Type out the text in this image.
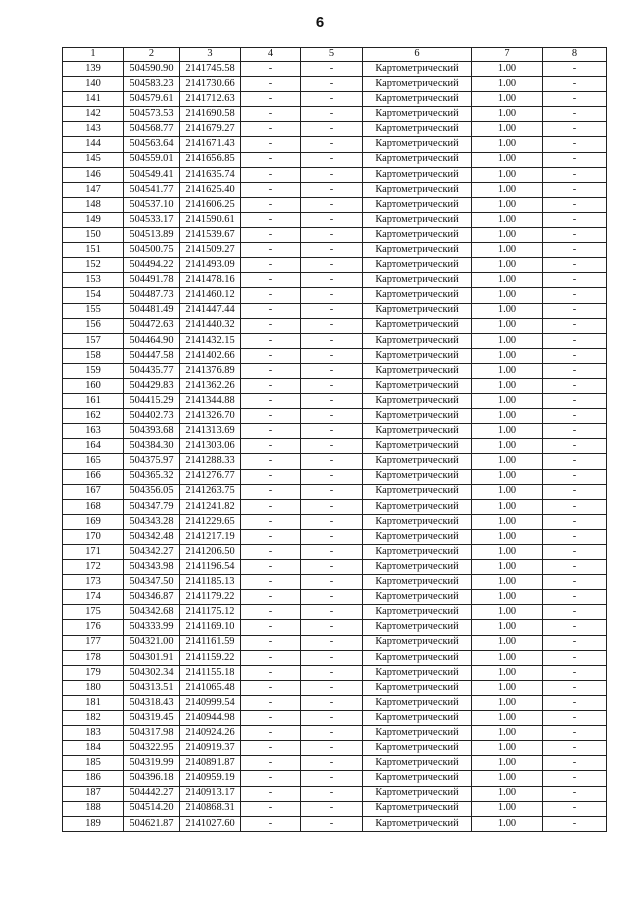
6
1	2	3	4	5	6	7	8
139	504590.90	2141745.58	-	-	Картометрический	1.00	-
140	504583.23	2141730.66	-	-	Картометрический	1.00	-
141	504579.61	2141712.63	-	-	Картометрический	1.00	-
142	504573.53	2141690.58	-	-	Картометрический	1.00	-
143	504568.77	2141679.27	-	-	Картометрический	1.00	-
144	504563.64	2141671.43	-	-	Картометрический	1.00	-
145	504559.01	2141656.85	-	-	Картометрический	1.00	-
146	504549.41	2141635.74	-	-	Картометрический	1.00	-
147	504541.77	2141625.40	-	-	Картометрический	1.00	-
148	504537.10	2141606.25	-	-	Картометрический	1.00	-
149	504533.17	2141590.61	-	-	Картометрический	1.00	-
150	504513.89	2141539.67	-	-	Картометрический	1.00	-
151	504500.75	2141509.27	-	-	Картометрический	1.00	-
152	504494.22	2141493.09	-	-	Картометрический	1.00	-
153	504491.78	2141478.16	-	-	Картометрический	1.00	-
154	504487.73	2141460.12	-	-	Картометрический	1.00	-
155	504481.49	2141447.44	-	-	Картометрический	1.00	-
156	504472.63	2141440.32	-	-	Картометрический	1.00	-
157	504464.90	2141432.15	-	-	Картометрический	1.00	-
158	504447.58	2141402.66	-	-	Картометрический	1.00	-
159	504435.77	2141376.89	-	-	Картометрический	1.00	-
160	504429.83	2141362.26	-	-	Картометрический	1.00	-
161	504415.29	2141344.88	-	-	Картометрический	1.00	-
162	504402.73	2141326.70	-	-	Картометрический	1.00	-
163	504393.68	2141313.69	-	-	Картометрический	1.00	-
164	504384.30	2141303.06	-	-	Картометрический	1.00	-
165	504375.97	2141288.33	-	-	Картометрический	1.00	-
166	504365.32	2141276.77	-	-	Картометрический	1.00	-
167	504356.05	2141263.75	-	-	Картометрический	1.00	-
168	504347.79	2141241.82	-	-	Картометрический	1.00	-
169	504343.28	2141229.65	-	-	Картометрический	1.00	-
170	504342.48	2141217.19	-	-	Картометрический	1.00	-
171	504342.27	2141206.50	-	-	Картометрический	1.00	-
172	504343.98	2141196.54	-	-	Картометрический	1.00	-
173	504347.50	2141185.13	-	-	Картометрический	1.00	-
174	504346.87	2141179.22	-	-	Картометрический	1.00	-
175	504342.68	2141175.12	-	-	Картометрический	1.00	-
176	504333.99	2141169.10	-	-	Картометрический	1.00	-
177	504321.00	2141161.59	-	-	Картометрический	1.00	-
178	504301.91	2141159.22	-	-	Картометрический	1.00	-
179	504302.34	2141155.18	-	-	Картометрический	1.00	-
180	504313.51	2141065.48	-	-	Картометрический	1.00	-
181	504318.43	2140999.54	-	-	Картометрический	1.00	-
182	504319.45	2140944.98	-	-	Картометрический	1.00	-
183	504317.98	2140924.26	-	-	Картометрический	1.00	-
184	504322.95	2140919.37	-	-	Картометрический	1.00	-
185	504319.99	2140891.87	-	-	Картометрический	1.00	-
186	504396.18	2140959.19	-	-	Картометрический	1.00	-
187	504442.27	2140913.17	-	-	Картометрический	1.00	-
188	504514.20	2140868.31	-	-	Картометрический	1.00	-
189	504621.87	2141027.60	-	-	Картометрический	1.00	-
